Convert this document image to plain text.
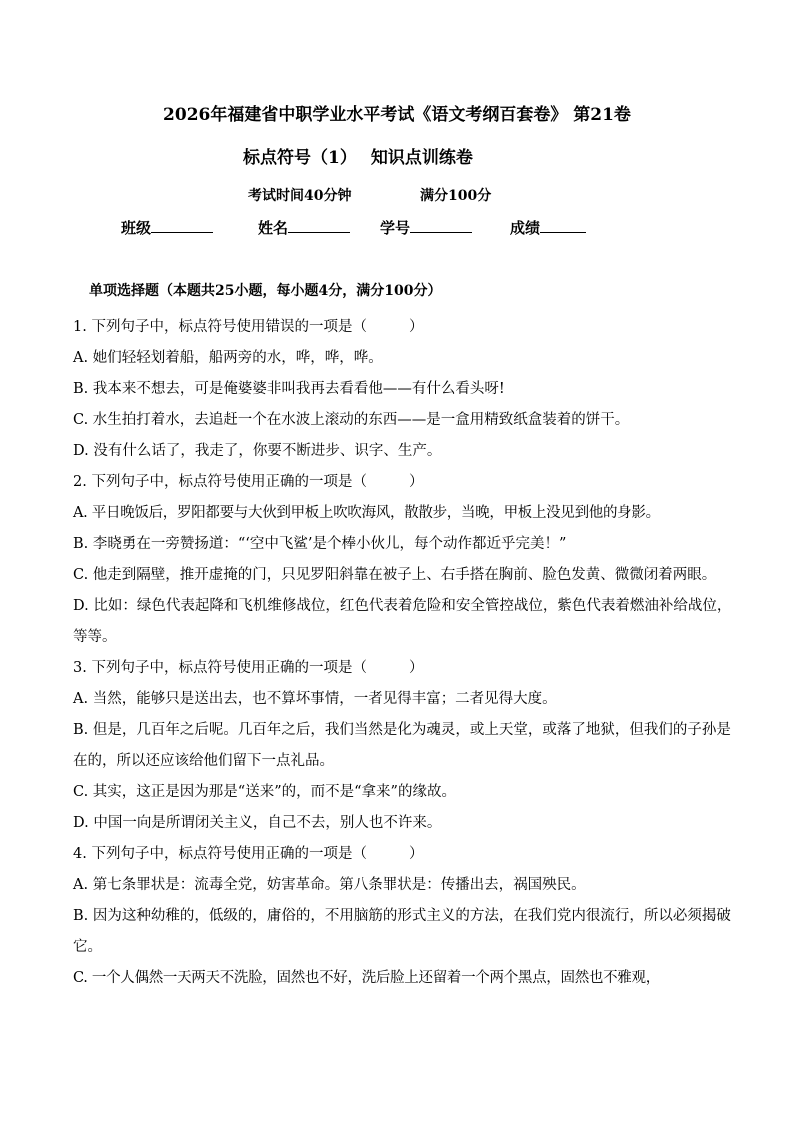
2026年福建省中职学业水平考试《语文考纲百套卷》 第21卷
标点符号（1） 知识点训练卷
考试时间40分钟	满分100分
班级	姓名	学号	成绩
单项选择题（本题共25小题，每小题4分，满分100分）
1. 下列句子中，标点符号使用错误的一项是（	）
A. 她们轻轻划着船，船两旁的水，哗，哗，哗。
B. 我本来不想去，可是俺婆婆非叫我再去看看他——有什么看头呀!
C. 水生拍打着水，去追赶一个在水波上滚动的东西——是一盒用精致纸盒装着的饼干。
D. 没有什么话了，我走了，你要不断进步、识字、生产。
2. 下列句子中，标点符号使用正确的一项是（	）
A. 平日晚饭后，罗阳都要与大伙到甲板上吹吹海风，散散步，当晚，甲板上没见到他的身影。
B. 李晓勇在一旁赞扬道：“‘空中飞鲨’是个棒小伙儿，每个动作都近乎完美！”
C. 他走到隔壁，推开虚掩的门，只见罗阳斜靠在被子上、右手搭在胸前、脸色发黄、微微闭着两眼。
D. 比如：绿色代表起降和飞机维修战位，红色代表着危险和安全管控战位，紫色代表着燃油补给战位，等等。
3. 下列句子中，标点符号使用正确的一项是（	）
A. 当然，能够只是送出去，也不算坏事情，一者见得丰富；二者见得大度。
B. 但是，几百年之后呢。几百年之后，我们当然是化为魂灵，或上天堂，或落了地狱，但我们的子孙是在的，所以还应该给他们留下一点礼品。
C. 其实，这正是因为那是“送来”的，而不是“拿来”的缘故。
D. 中国一向是所谓闭关主义，自己不去，别人也不许来。
4. 下列句子中，标点符号使用正确的一项是（	）
A. 第七条罪状是：流毒全党，妨害革命。第八条罪状是：传播出去，祸国殃民。
B. 因为这种幼稚的，低级的，庸俗的，不用脑筋的形式主义的方法，在我们党内很流行，所以必须揭破它。
C. 一个人偶然一天两天不洗脸，固然也不好，洗后脸上还留着一个两个黑点，固然也不雅观，
